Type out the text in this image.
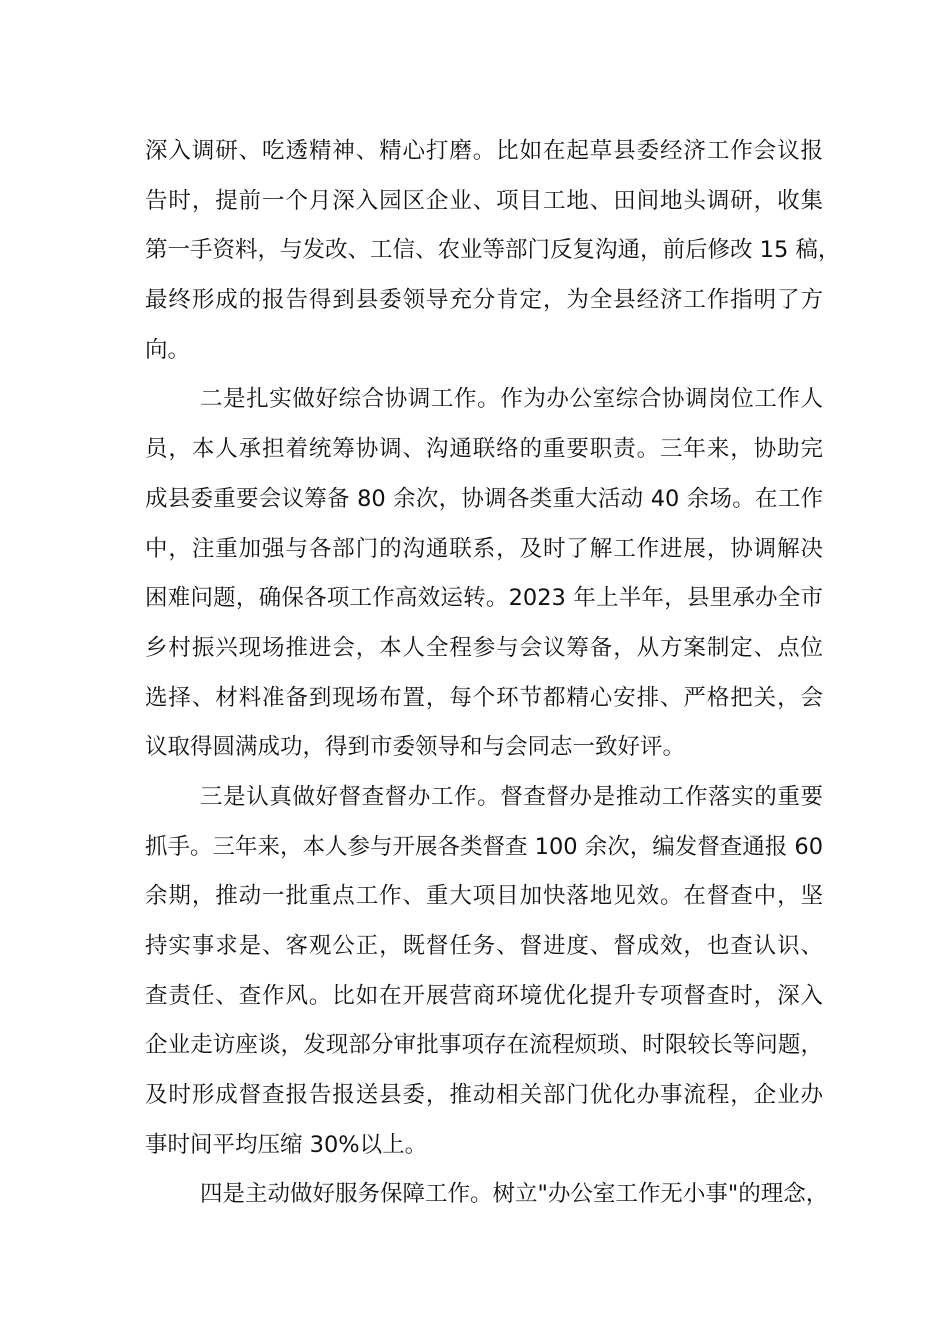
深入调研、吃透精神、精心打磨。比如在起草县委经济工作会议报
告时，提前一个月深入园区企业、项目工地、田间地头调研，收集
第一手资料，与发改、工信、农业等部门反复沟通，前后修改 15 稿，
最终形成的报告得到县委领导充分肯定，为全县经济工作指明了方
向。
二是扎实做好综合协调工作。作为办公室综合协调岗位工作人
员，本人承担着统筹协调、沟通联络的重要职责。三年来，协助完
成县委重要会议筹备 80 余次，协调各类重大活动 40 余场。在工作
中，注重加强与各部门的沟通联系，及时了解工作进展，协调解决
困难问题，确保各项工作高效运转。2023 年上半年，县里承办全市
乡村振兴现场推进会，本人全程参与会议筹备，从方案制定、点位
选择、材料准备到现场布置，每个环节都精心安排、严格把关，会
议取得圆满成功，得到市委领导和与会同志一致好评。
三是认真做好督查督办工作。督查督办是推动工作落实的重要
抓手。三年来，本人参与开展各类督查 100 余次，编发督查通报 60
余期，推动一批重点工作、重大项目加快落地见效。在督查中，坚
持实事求是、客观公正，既督任务、督进度、督成效，也查认识、
查责任、查作风。比如在开展营商环境优化提升专项督查时，深入
企业走访座谈，发现部分审批事项存在流程烦琐、时限较长等问题，
及时形成督查报告报送县委，推动相关部门优化办事流程，企业办
事时间平均压缩 30%以上。
四是主动做好服务保障工作。树立"办公室工作无小事"的理念，
